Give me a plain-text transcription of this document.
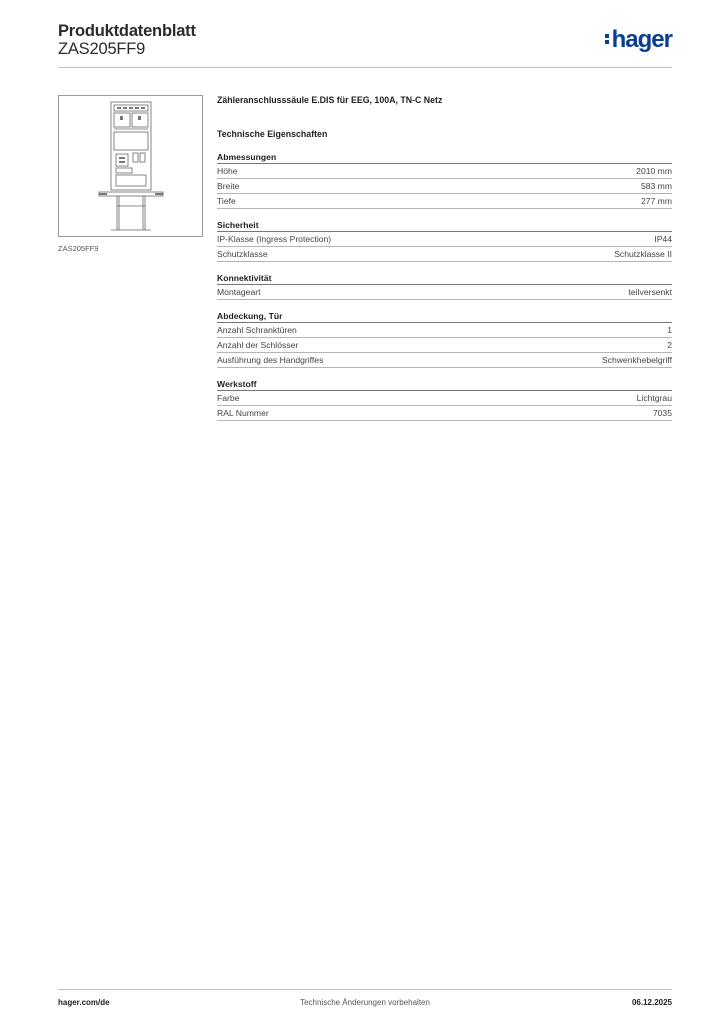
Produktdatenblatt
ZAS205FF9	hager
ZAS205FF9
Zähleranschlusssäule E.DIS für EEG, 100A, TN-C Netz
Technische Eigenschaften
Abmessungen
Höhe	2010 mm
Breite	583 mm
Tiefe	277 mm
Sicherheit
IP-Klasse (Ingress Protection)	IP44
Schutzklasse	Schutzklasse II
Konnektivität
Montageart	teilversenkt
Abdeckung, Tür
Anzahl Schranktüren	1
Anzahl der Schlösser	2
Ausführung des Handgriffes	Schwenkhebelgriff
Werkstoff
Farbe	Lichtgrau
RAL Nummer	7035
Technische Änderungen vorbehalten
hager.com/de	06.12.2025
